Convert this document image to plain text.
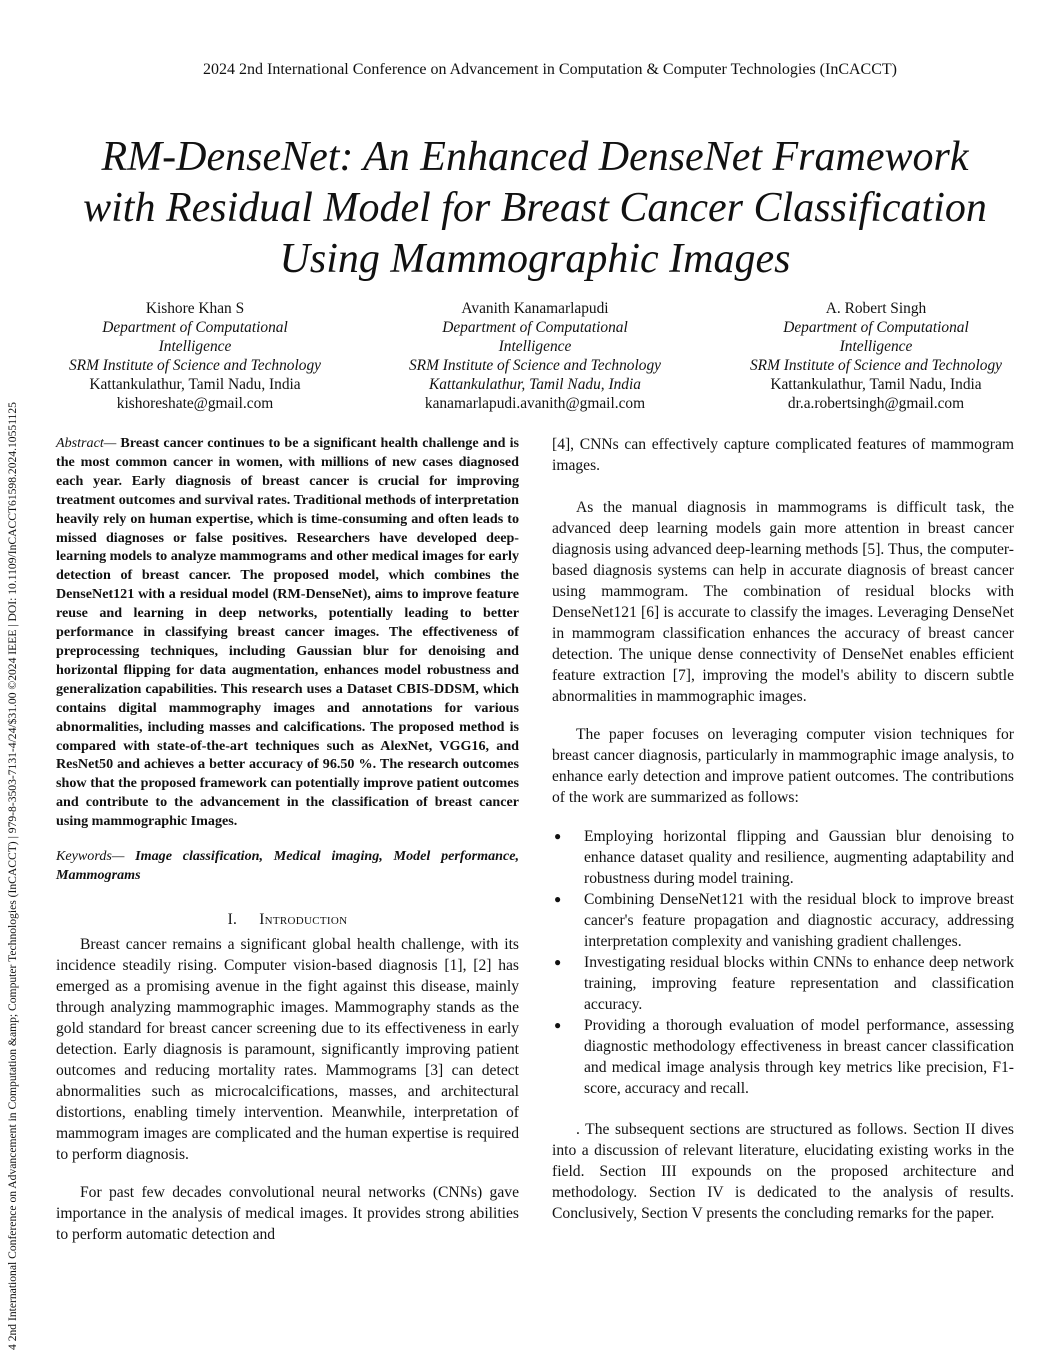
2024 2nd International Conference on Advancement in Computation & Computer Technologies (InCACCT)
4 2nd International Conference on Advancement in Computation &amp; Computer Technologies (InCACCT) | 979-8-3503-7131-4/24/$31.00 ©2024 IEEE | DOI: 10.1109/InCACCT61598.2024.10551125
RM-DenseNet: An Enhanced DenseNet Framework
with Residual Model for Breast Cancer Classification
Using Mammographic Images
Kishore Khan S
Department of Computational
Intelligence
SRM Institute of Science and Technology
Kattankulathur, Tamil Nadu, India
kishoreshate@gmail.com
Avanith Kanamarlapudi
Department of Computational
Intelligence
SRM Institute of Science and Technology
Kattankulathur, Tamil Nadu, India
kanamarlapudi.avanith@gmail.com
A. Robert Singh
Department of Computational
Intelligence
SRM Institute of Science and Technology
Kattankulathur, Tamil Nadu, India
dr.a.robertsingh@gmail.com

Abstract— Breast cancer continues to be a significant health challenge and is the most common cancer in women, with millions of new cases diagnosed each year. Early diagnosis of breast cancer is crucial for improving treatment outcomes and survival rates. Traditional methods of interpretation heavily rely on human expertise, which is time-consuming and often leads to missed diagnoses or false positives. Researchers have developed deep-learning models to analyze mammograms and other medical images for early detection of breast cancer. The proposed model, which combines the DenseNet121 with a residual model (RM-DenseNet), aims to improve feature reuse and learning in deep networks, potentially leading to better performance in classifying breast cancer images. The effectiveness of preprocessing techniques, including Gaussian blur for denoising and horizontal flipping for data augmentation, enhances model robustness and generalization capabilities. This research uses a Dataset CBIS-DDSM, which contains digital mammography images and annotations for various abnormalities, including masses and calcifications. The proposed method is compared with state-of-the-art techniques such as AlexNet, VGG16, and ResNet50 and achieves a better accuracy of 96.50 %. The research outcomes show that the proposed framework can potentially improve patient outcomes and contribute to the advancement in the classification of breast cancer using mammographic Images.

Keywords— Image classification, Medical imaging, Model performance, Mammograms

I. Introduction

Breast cancer remains a significant global health challenge, with its incidence steadily rising. Computer vision-based diagnosis [1], [2] has emerged as a promising avenue in the fight against this disease, mainly through analyzing mammographic images. Mammography stands as the gold standard for breast cancer screening due to its effectiveness in early detection. Early diagnosis is paramount, significantly improving patient outcomes and reducing mortality rates. Mammograms [3] can detect abnormalities such as microcalcifications, masses, and architectural distortions, enabling timely intervention. Meanwhile, interpretation of mammogram images are complicated and the human expertise is required to perform diagnosis.

For past few decades convolutional neural networks (CNNs) gave importance in the analysis of medical images. It provides strong abilities to perform automatic detection and

[4], CNNs can effectively capture complicated features of mammogram images.

As the manual diagnosis in mammograms is difficult task, the advanced deep learning models gain more attention in breast cancer diagnosis using advanced deep-learning methods [5]. Thus, the computer-based diagnosis systems can help in accurate diagnosis of breast cancer using mammogram. The combination of residual blocks with DenseNet121 [6] is accurate to classify the images. Leveraging DenseNet in mammogram classification enhances the accuracy of breast cancer detection. The unique dense connectivity of DenseNet enables efficient feature extraction [7], improving the model's ability to discern subtle abnormalities in mammographic images.

The paper focuses on leveraging computer vision techniques for breast cancer diagnosis, particularly in mammographic image analysis, to enhance early detection and improve patient outcomes. The contributions of the work are summarized as follows:

● Employing horizontal flipping and Gaussian blur denoising to enhance dataset quality and resilience, augmenting adaptability and robustness during model training.
● Combining DenseNet121 with the residual block to improve breast cancer's feature propagation and diagnostic accuracy, addressing interpretation complexity and vanishing gradient challenges.
● Investigating residual blocks within CNNs to enhance deep network training, improving feature representation and classification accuracy.
● Providing a thorough evaluation of model performance, assessing diagnostic methodology effectiveness in breast cancer classification and medical image analysis through key metrics like precision, F1-score, accuracy and recall.

. The subsequent sections are structured as follows. Section II dives into a discussion of relevant literature, elucidating existing works in the field. Section III expounds on the proposed architecture and methodology. Section IV is dedicated to the analysis of results. Conclusively, Section V presents the concluding remarks for the paper.
